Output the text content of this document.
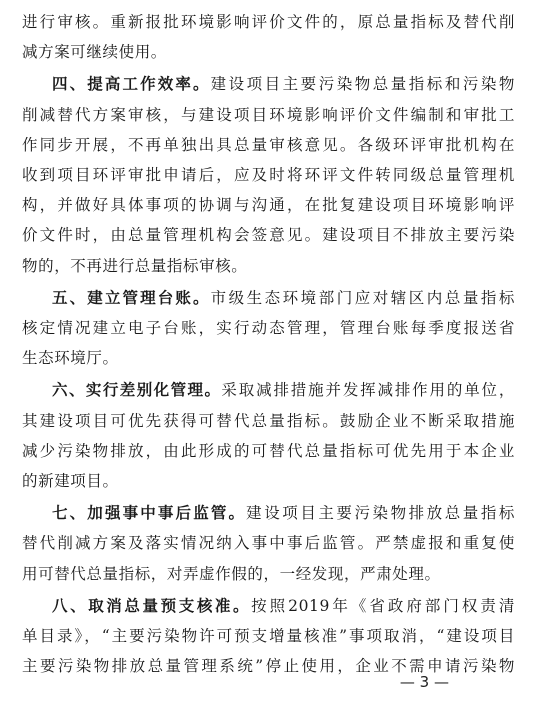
进行审核。重新报批环境影响评价文件的，原总量指标及替代削
减方案可继续使用。
四、提高工作效率。建设项目主要污染物总量指标和污染物
削减替代方案审核，与建设项目环境影响评价文件编制和审批工
作同步开展，不再单独出具总量审核意见。各级环评审批机构在
收到项目环评审批申请后，应及时将环评文件转同级总量管理机
构，并做好具体事项的协调与沟通，在批复建设项目环境影响评
价文件时，由总量管理机构会签意见。建设项目不排放主要污染
物的，不再进行总量指标审核。
五、建立管理台账。市级生态环境部门应对辖区内总量指标
核定情况建立电子台账，实行动态管理，管理台账每季度报送省
生态环境厅。
六、实行差别化管理。采取减排措施并发挥减排作用的单位，
其建设项目可优先获得可替代总量指标。鼓励企业不断采取措施
减少污染物排放，由此形成的可替代总量指标可优先用于本企业
的新建项目。
七、加强事中事后监管。建设项目主要污染物排放总量指标
替代削减方案及落实情况纳入事中事后监管。严禁虚报和重复使
用可替代总量指标，对弄虚作假的，一经发现，严肃处理。
八、取消总量预支核准。按照2019年《省政府部门权责清
单目录》，“主要污染物许可预支增量核准”事项取消，“建设项目
主要污染物排放总量管理系统”停止使用，企业不需申请污染物
— 3 —
